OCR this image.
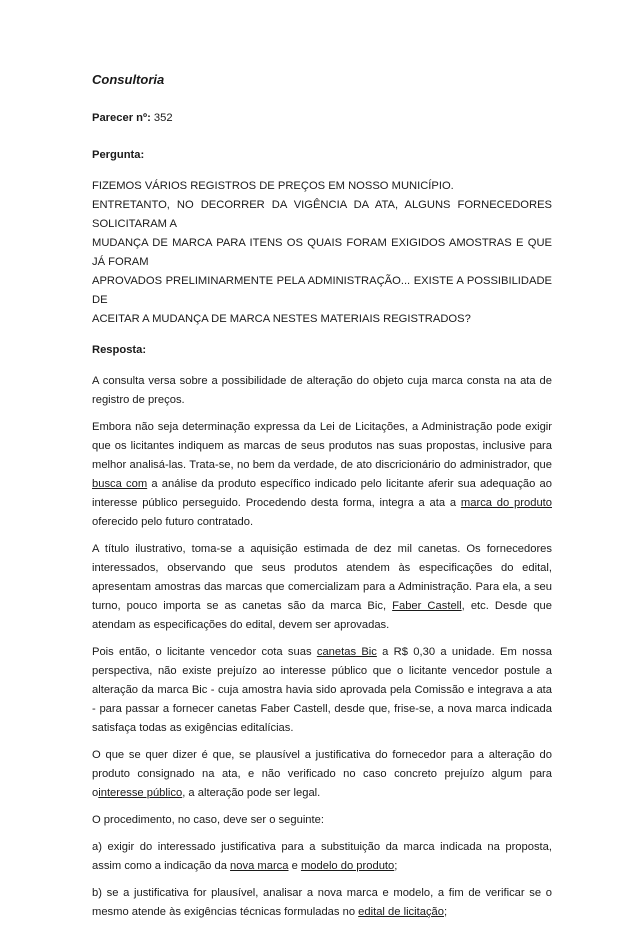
Consultoria
Parecer nº: 352
Pergunta:
FIZEMOS VÁRIOS REGISTROS DE PREÇOS EM NOSSO MUNICÍPIO.
ENTRETANTO, NO DECORRER DA VIGÊNCIA DA ATA, ALGUNS FORNECEDORES SOLICITARAM A
MUDANÇA DE MARCA PARA ITENS OS QUAIS FORAM EXIGIDOS AMOSTRAS E QUE JÁ FORAM
APROVADOS PRELIMINARMENTE PELA ADMINISTRAÇÃO... EXISTE A POSSIBILIDADE DE
ACEITAR A MUDANÇA DE MARCA NESTES MATERIAIS REGISTRADOS?
Resposta:

A consulta versa sobre a possibilidade de alteração do objeto cuja marca consta na ata de registro de preços.

Embora não seja determinação expressa da Lei de Licitações, a Administração pode exigir que os licitantes indiquem as marcas de seus produtos nas suas propostas, inclusive para melhor analisá-las. Trata-se, no bem da verdade, de ato discricionário do administrador, que busca com a análise da produto específico indicado pelo licitante aferir sua adequação ao interesse público perseguido. Procedendo desta forma, integra a ata a marca do produto oferecido pelo futuro contratado.

A título ilustrativo, toma-se a aquisição estimada de dez mil canetas. Os fornecedores interessados, observando que seus produtos atendem às especificações do edital, apresentam amostras das marcas que comercializam para a Administração. Para ela, a seu turno, pouco importa se as canetas são da marca Bic, Faber Castell, etc. Desde que atendam as especificações do edital, devem ser aprovadas.

Pois então, o licitante vencedor cota suas canetas Bic a R$ 0,30 a unidade. Em nossa perspectiva, não existe prejuízo ao interesse público que o licitante vencedor postule a alteração da marca Bic - cuja amostra havia sido aprovada pela Comissão e integrava a ata - para passar a fornecer canetas Faber Castell, desde que, frise-se, a nova marca indicada satisfaça todas as exigências editalícias.

O que se quer dizer é que, se plausível a justificativa do fornecedor para a alteração do produto consignado na ata, e não verificado no caso concreto prejuízo algum para ointeresse público, a alteração pode ser legal.

O procedimento, no caso, deve ser o seguinte:

a) exigir do interessado justificativa para a substituição da marca indicada na proposta, assim como a indicação da nova marca e modelo do produto;

b) se a justificativa for plausível, analisar a nova marca e modelo, a fim de verificar se o mesmo atende às exigências técnicas formuladas no edital de licitação;
